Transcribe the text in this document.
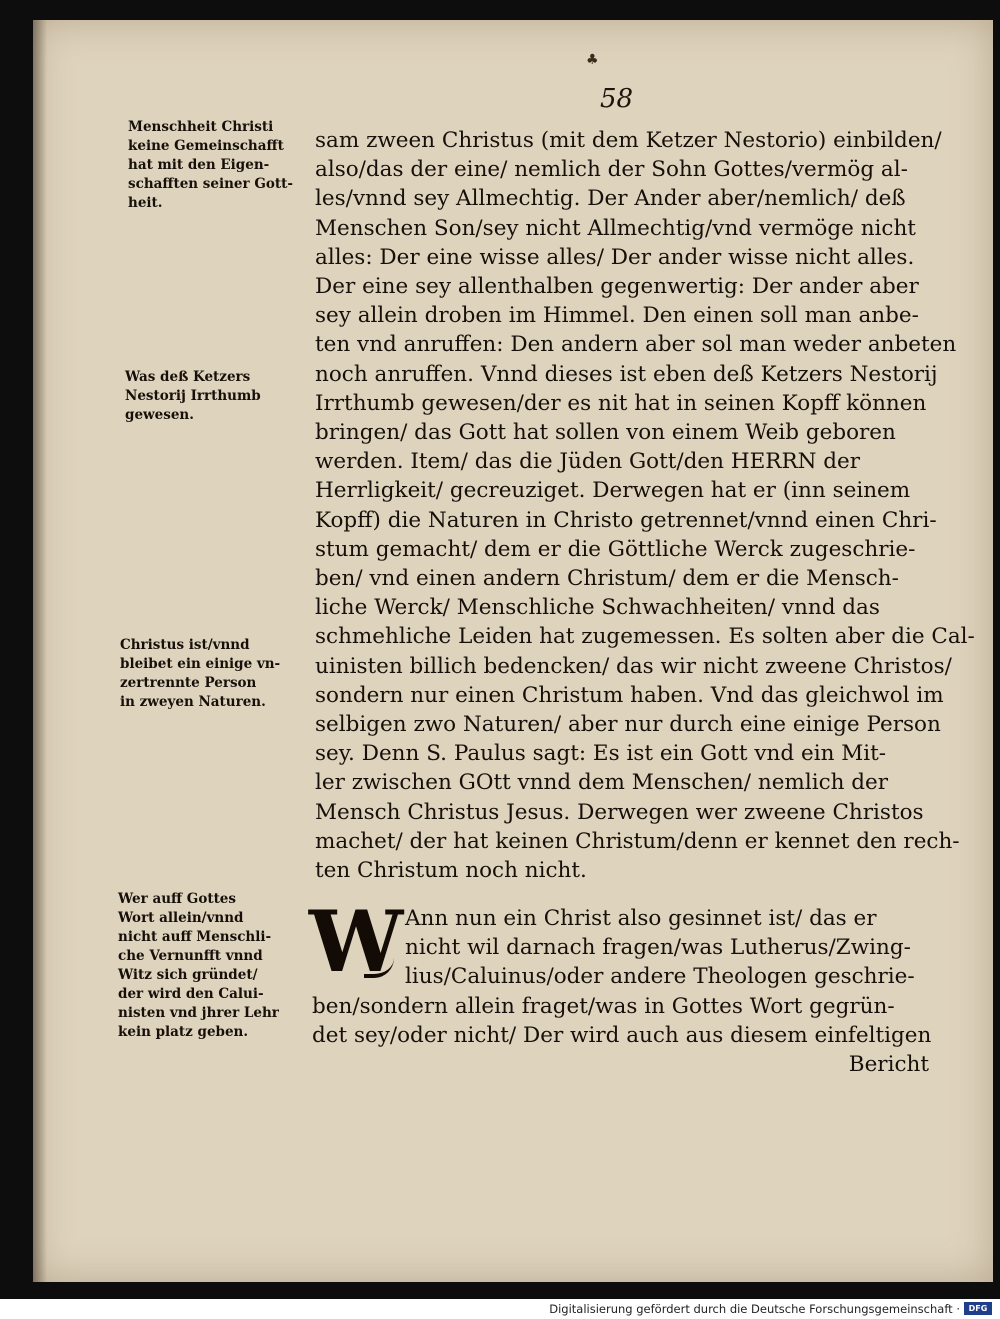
♣
58
Menschheit Christi
keine Gemeinschafft
hat mit den Eigen-
schafften seiner Gott-
heit.
Was deß Ketzers
Nestorij Irrthumb
gewesen.
Christus ist/vnnd
bleibet ein einige vn-
zertrennte Person
in zweyen Naturen.
Wer auff Gottes
Wort allein/vnnd
nicht auff Menschli-
che Vernunfft vnnd
Witz sich gründet/
der wird den Calui-
nisten vnd jhrer Lehr
kein platz geben.
sam zween Christus (mit dem Ketzer Nestorio) einbilden/
also/das der eine/ nemlich der Sohn Gottes/vermög al-
les/vnnd sey Allmechtig. Der Ander aber/nemlich/ deß
Menschen Son/sey nicht Allmechtig/vnd vermöge nicht
alles: Der eine wisse alles/ Der ander wisse nicht alles.
Der eine sey allenthalben gegenwertig: Der ander aber
sey allein droben im Himmel. Den einen soll man anbe-
ten vnd anruffen: Den andern aber sol man weder anbeten
noch anruffen. Vnnd dieses ist eben deß Ketzers Nestorij
Irrthumb gewesen/der es nit hat in seinen Kopff können
bringen/ das Gott hat sollen von einem Weib geboren
werden. Item/ das die Jüden Gott/den HERRN der
Herrligkeit/ gecreuziget. Derwegen hat er (inn seinem
Kopff) die Naturen in Christo getrennet/vnnd einen Chri-
stum gemacht/ dem er die Göttliche Werck zugeschrie-
ben/ vnd einen andern Christum/ dem er die Mensch-
liche Werck/ Menschliche Schwachheiten/ vnnd das
schmehliche Leiden hat zugemessen. Es solten aber die Cal-
uinisten billich bedencken/ das wir nicht zweene Christos/
sondern nur einen Christum haben. Vnd das gleichwol im
selbigen zwo Naturen/ aber nur durch eine einige Person
sey. Denn S. Paulus sagt: Es ist ein Gott vnd ein Mit-
ler zwischen GOtt vnnd dem Menschen/ nemlich der
Mensch Christus Jesus. Derwegen wer zweene Christos
machet/ der hat keinen Christum/denn er kennet den rech-
ten Christum noch nicht.
W Ann nun ein Christ also gesinnet ist/ das er
nicht wil darnach fragen/was Lutherus/Zwing-
lius/Caluinus/oder andere Theologen geschrie-
ben/sondern allein fraget/was in Gottes Wort gegrün-
det sey/oder nicht/ Der wird auch aus diesem einfeltigen
Bericht
Digitalisierung gefördert durch die Deutsche Forschungsgemeinschaft ·	DFG
